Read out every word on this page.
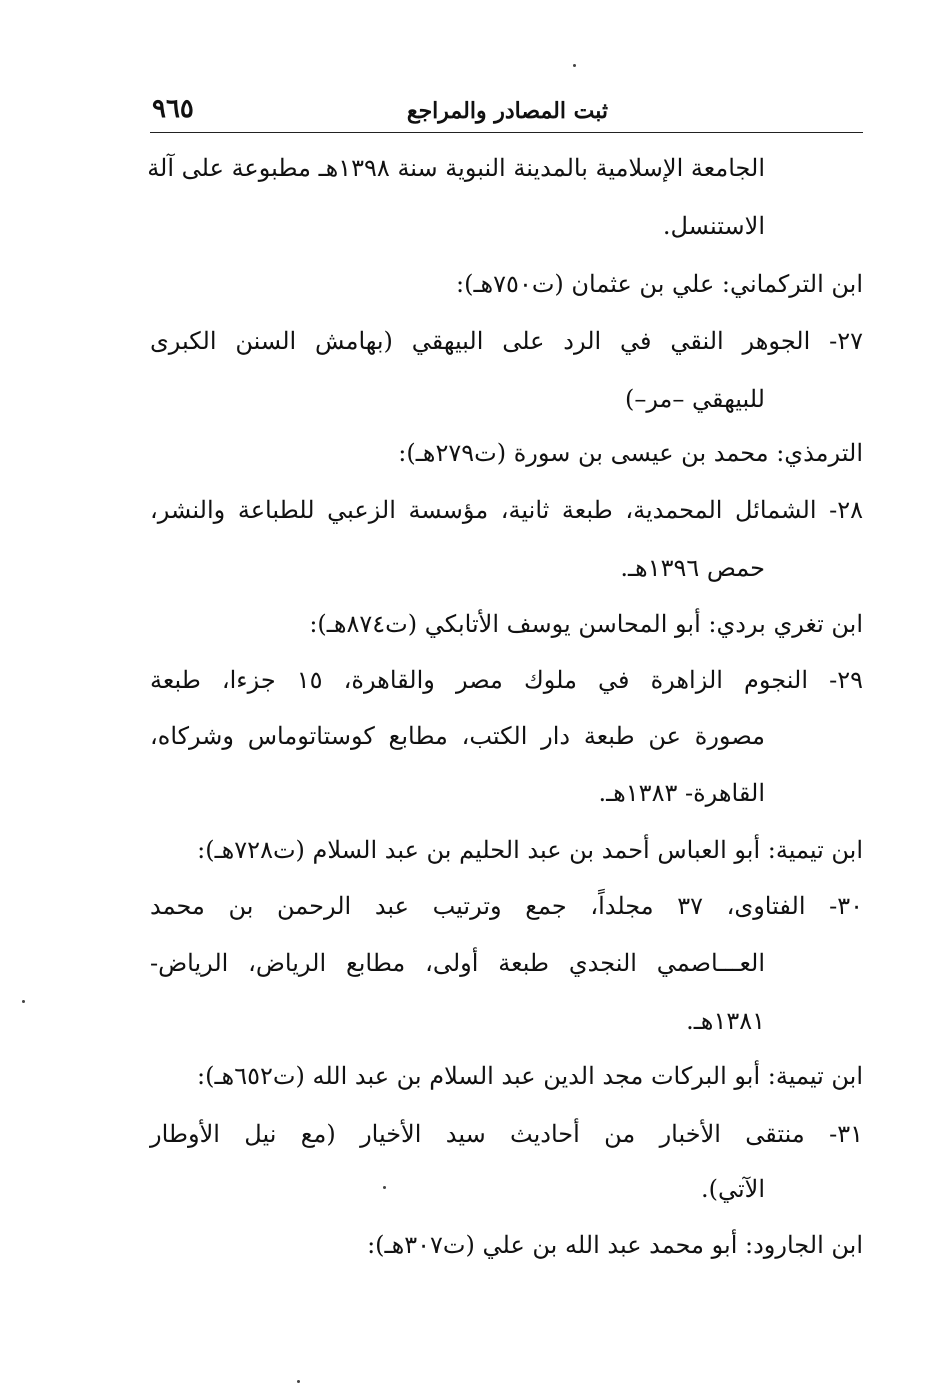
٩٦٥	ثبت المصادر والمراجع
الجامعة الإسلامية بالمدينة النبوية سنة ١٣٩٨هـ مطبوعة على آلة
الاستنسل.
ابن التركماني: علي بن عثمان (ت٧٥٠هـ):
٢٧- الجوهر النقي في الرد على البيهقي (بهامش السنن الكبرى
للبيهقي –مر–)
الترمذي: محمد بن عيسى بن سورة (ت٢٧٩هـ):
٢٨- الشمائل المحمدية، طبعة ثانية، مؤسسة الزعبي للطباعة والنشر،
حمص ١٣٩٦هـ.
ابن تغري بردي: أبو المحاسن يوسف الأتابكي (ت٨٧٤هـ):
٢٩- النجوم الزاهرة في ملوك مصر والقاهرة، ١٥ جزءا، طبعة
مصورة عن طبعة دار الكتب، مطابع كوستاتوماس وشركاه،
القاهرة- ١٣٨٣هـ.
ابن تيمية: أبو العباس أحمد بن عبد الحليم بن عبد السلام (ت٧٢٨هـ):
٣٠- الفتاوى، ٣٧ مجلداً، جمع وترتيب عبد الرحمن بن محمد
العـــاصمي النجدي طبعة أولى، مطابع الرياض، الرياض-
١٣٨١هـ.
ابن تيمية: أبو البركات مجد الدين عبد السلام بن عبد الله (ت٦٥٢هـ):
٣١- منتقى الأخبار من أحاديث سيد الأخيار (مع نيل الأوطار
الآتي).
ابن الجارود: أبو محمد عبد الله بن علي (ت٣٠٧هـ):
